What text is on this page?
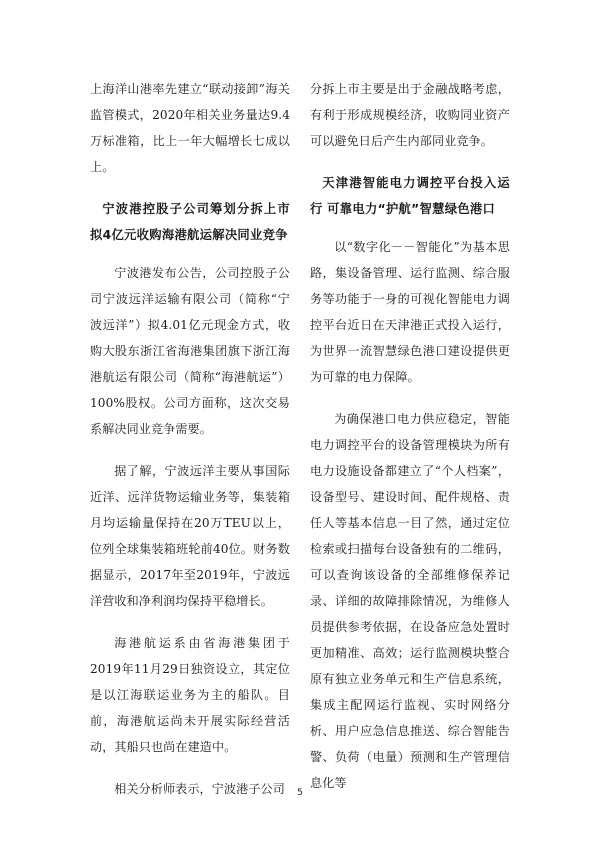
上海洋山港率先建立“联动接卸”海关监管模式，2020年相关业务量达9.4万标准箱，比上一年大幅增长七成以上。

宁波港控股子公司筹划分拆上市拟4亿元收购海港航运解决同业竞争

宁波港发布公告，公司控股子公司宁波远洋运输有限公司（简称“宁波远洋”）拟4.01亿元现金方式，收购大股东浙江省海港集团旗下浙江海港航运有限公司（简称“海港航运”）100%股权。公司方面称，这次交易系解决同业竞争需要。

据了解，宁波远洋主要从事国际近洋、远洋货物运输业务等，集装箱月均运输量保持在20万TEU以上，位列全球集装箱班轮前40位。财务数据显示，2017年至2019年，宁波远洋营收和净利润均保持平稳增长。

海港航运系由省海港集团于2019年11月29日独资设立，其定位是以江海联运业务为主的船队。目前，海港航运尚未开展实际经营活动，其船只也尚在建造中。

相关分析师表示，宁波港子公司

分拆上市主要是出于金融战略考虑，有利于形成规模经济，收购同业资产可以避免日后产生内部同业竞争。

天津港智能电力调控平台投入运行 可靠电力“护航”智慧绿色港口

以“数字化－－智能化”为基本思路，集设备管理、运行监测、综合服务等功能于一身的可视化智能电力调控平台近日在天津港正式投入运行，为世界一流智慧绿色港口建设提供更为可靠的电力保障。

为确保港口电力供应稳定，智能电力调控平台的设备管理模块为所有电力设施设备都建立了“个人档案”，设备型号、建设时间、配件规格、责任人等基本信息一目了然，通过定位检索或扫描每台设备独有的二维码，可以查询该设备的全部维修保养记录、详细的故障排除情况，为维修人员提供参考依据，在设备应急处置时更加精准、高效；运行监测模块整合原有独立业务单元和生产信息系统，集成主配网运行监视、实时网络分析、用户应急信息推送、综合智能告警、负荷（电量）预测和生产管理信息化等

5
